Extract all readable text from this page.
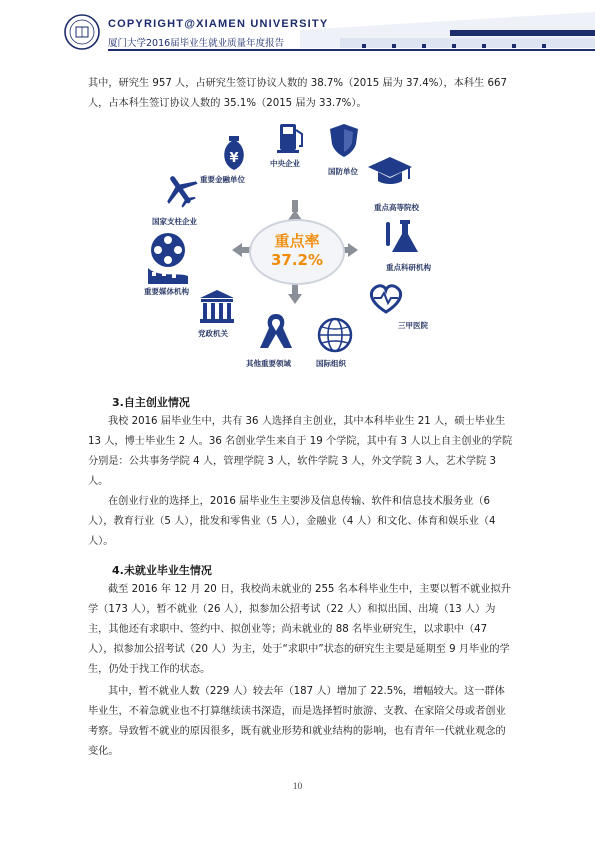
COPYRIGHT@XIAMEN UNIVERSITY
厦门大学2016届毕业生就业质量年度报告

其中，研究生 957 人，占研究生签订协议人数的 38.7%（2015 届为 37.4%），本科生 667 人，占本科生签订协议人数的 35.1%（2015 届为 33.7%）。

¥
重点率
37.2%
重要金融单位
中央企业
国防单位
重点高等院校
重点科研机构
三甲医院
国际组织
其他重要领域
党政机关
重要媒体机构
国家支柱企业
3.自主创业情况

我校 2016 届毕业生中，共有 36 人选择自主创业，其中本科毕业生 21 人，硕士毕业生 13 人，博士毕业生 2 人。36 名创业学生来自于 19 个学院，其中有 3 人以上自主创业的学院分别是：公共事务学院 4 人，管理学院 3 人，软件学院 3 人，外文学院 3 人，艺术学院 3 人。

在创业行业的选择上，2016 届毕业生主要涉及信息传输、软件和信息技术服务业（6 人），教育行业（5 人），批发和零售业（5 人），金融业（4 人）和文化、体育和娱乐业（4 人）。

4.未就业毕业生情况

截至 2016 年 12 月 20 日，我校尚未就业的 255 名本科毕业生中，主要以暂不就业拟升学（173 人），暂不就业（26 人），拟参加公招考试（22 人）和拟出国、出境（13 人）为主，其他还有求职中、签约中、拟创业等；尚未就业的 88 名毕业研究生，以求职中（47 人），拟参加公招考试（20 人）为主，处于“求职中”状态的研究生主要是延期至 9 月毕业的学生，仍处于找工作的状态。

其中，暂不就业人数（229 人）较去年（187 人）增加了 22.5%，增幅较大。这一群体毕业生，不着急就业也不打算继续读书深造，而是选择暂时旅游、支教、在家陪父母或者创业考察。导致暂不就业的原因很多，既有就业形势和就业结构的影响，也有青年一代就业观念的变化。

10
